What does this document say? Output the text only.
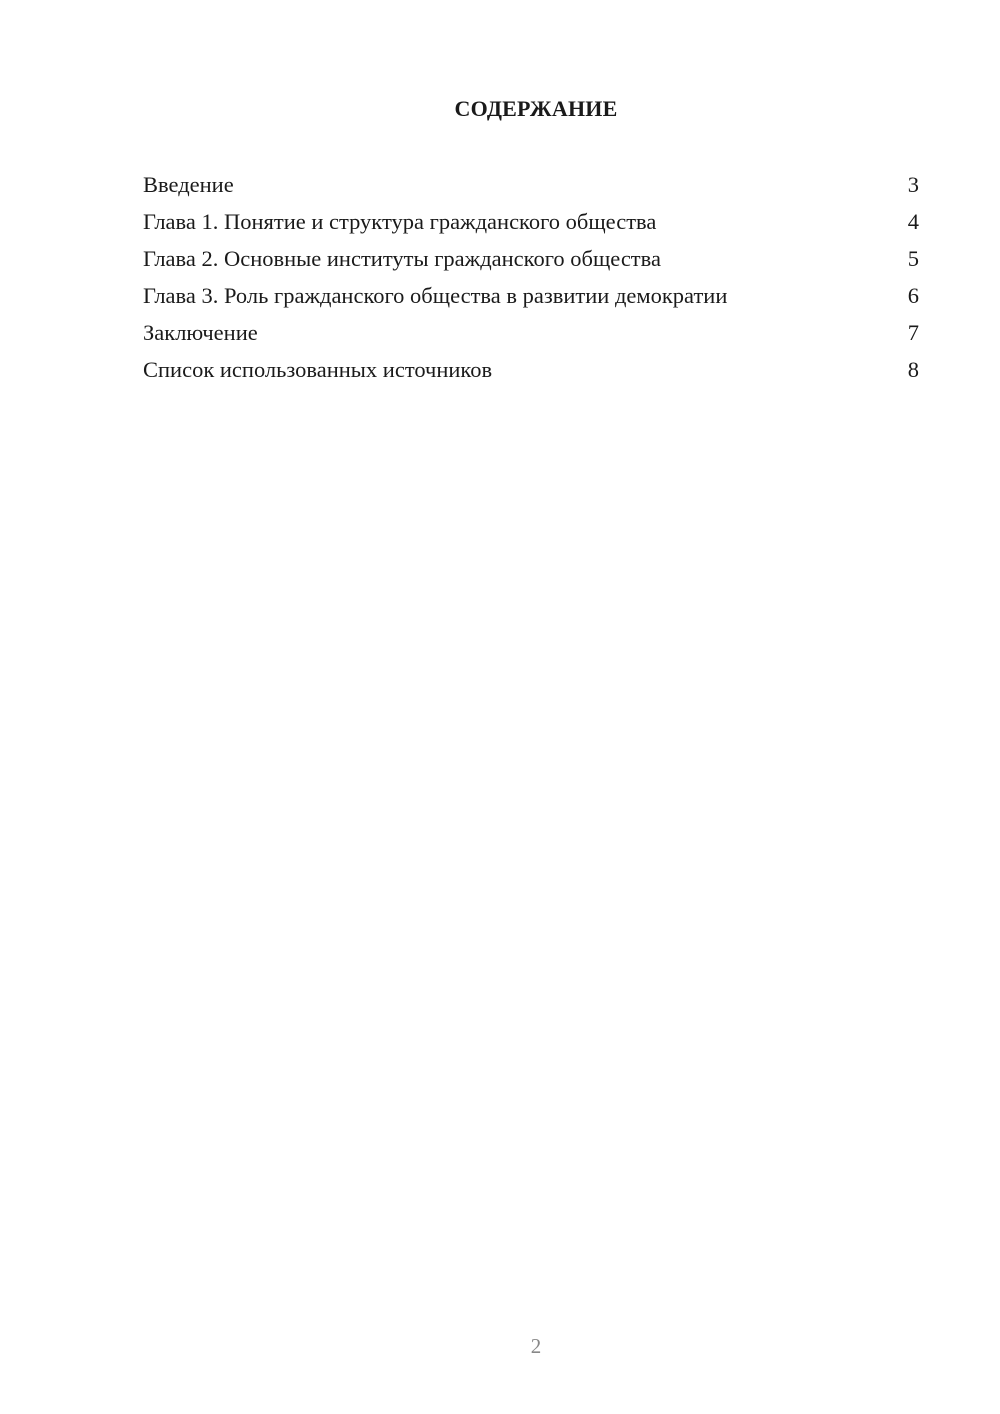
СОДЕРЖАНИЕ
Введение	3
Глава 1. Понятие и структура гражданского общества	4
Глава 2. Основные институты гражданского общества	5
Глава 3. Роль гражданского общества в развитии демократии	6
Заключение	7
Список использованных источников	8
2
